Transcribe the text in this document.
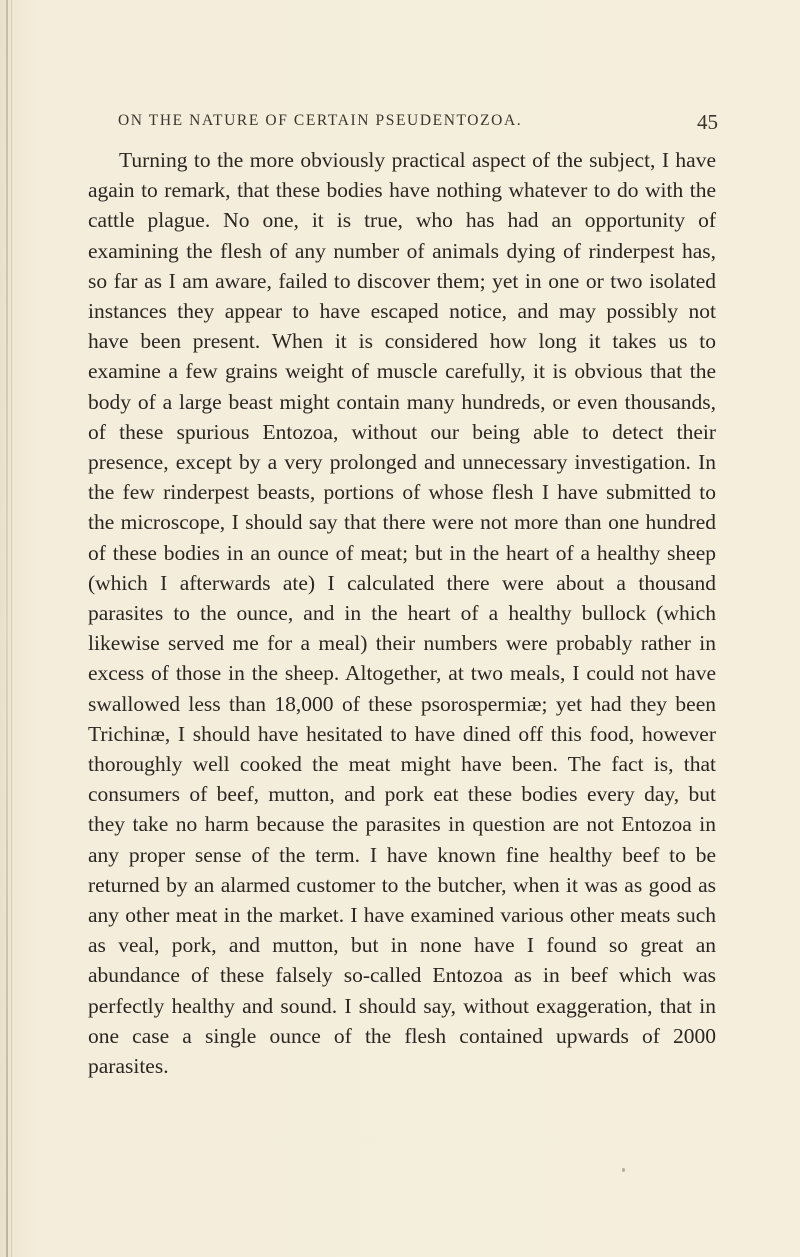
ON THE NATURE OF CERTAIN PSEUDENTOZOA.	45

Turning to the more obviously practical aspect of the subject, I have again to remark, that these bodies have nothing whatever to do with the cattle plague. No one, it is true, who has had an opportunity of examining the flesh of any number of animals dying of rinderpest has, so far as I am aware, failed to discover them; yet in one or two isolated instances they appear to have escaped notice, and may possibly not have been present. When it is considered how long it takes us to examine a few grains weight of muscle carefully, it is obvious that the body of a large beast might contain many hundreds, or even thousands, of these spurious Entozoa, without our being able to detect their presence, except by a very prolonged and unnecessary investigation. In the few rinderpest beasts, portions of whose flesh I have submitted to the microscope, I should say that there were not more than one hundred of these bodies in an ounce of meat; but in the heart of a healthy sheep (which I afterwards ate) I calculated there were about a thousand parasites to the ounce, and in the heart of a healthy bullock (which likewise served me for a meal) their numbers were probably rather in excess of those in the sheep. Altogether, at two meals, I could not have swallowed less than 18,000 of these psorospermiæ; yet had they been Trichinæ, I should have hesitated to have dined off this food, however thoroughly well cooked the meat might have been. The fact is, that consumers of beef, mutton, and pork eat these bodies every day, but they take no harm because the parasites in question are not Entozoa in any proper sense of the term. I have known fine healthy beef to be returned by an alarmed customer to the butcher, when it was as good as any other meat in the market. I have examined various other meats such as veal, pork, and mutton, but in none have I found so great an abundance of these falsely so-called Entozoa as in beef which was perfectly healthy and sound. I should say, without exaggeration, that in one case a single ounce of the flesh contained upwards of 2000 parasites.
